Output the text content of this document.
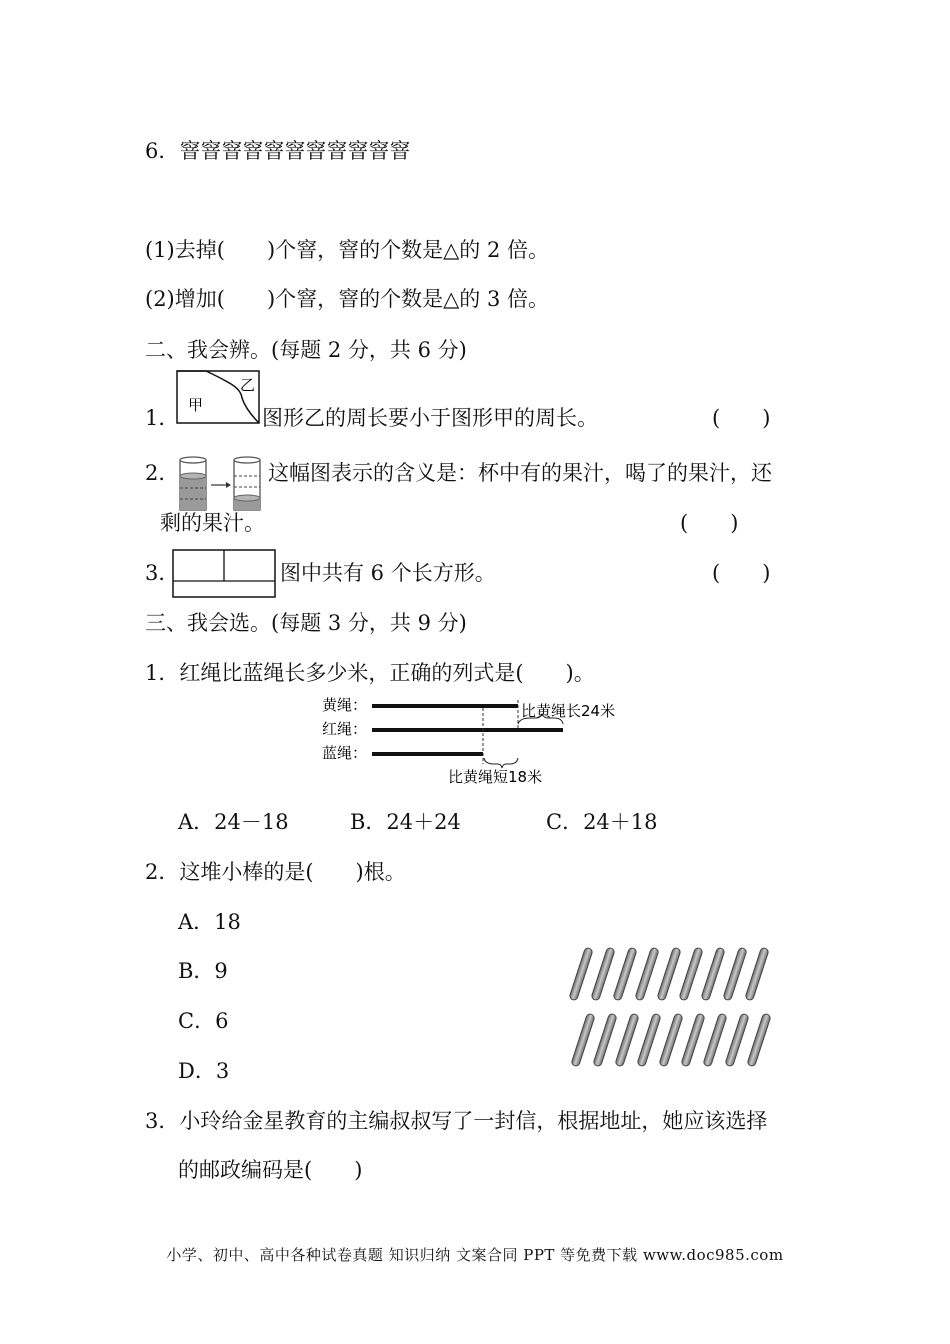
6．窨窨窨窨窨窨窨窨窨窨窨
(1)去掉(　　)个窨，窨的个数是△的 2 倍。
(2)增加(　　)个窨，窨的个数是△的 3 倍。
二、我会辨。(每题 2 分，共 6 分)
1．
甲
乙
图形乙的周长要小于图形甲的周长。	(　　)
2．	这幅图表示的含义是：杯中有的果汁，喝了的果汁，还
剩的果汁。	(　　)
3．	图中共有 6 个长方形。	(　　)
三、我会选。(每题 3 分，共 9 分)
1．红绳比蓝绳长多少米，正确的列式是(　　)。
黄绳：
红绳：
蓝绳：
比黄绳长24米
比黄绳短18米
A．24－18	B．24＋24	C．24＋18
2．这堆小棒的是(　　)根。
A．18
B．9
C．6
D．3
3．小玲给金星教育的主编叔叔写了一封信，根据地址，她应该选择
的邮政编码是(　　)
小学、初中、高中各种试卷真题 知识归纳 文案合同 PPT 等免费下载 www.doc985.com
